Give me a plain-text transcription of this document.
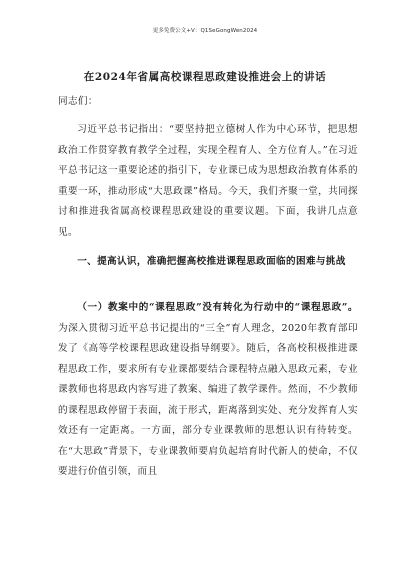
更多免费公文+V：Q1SeGongWen2024
在2024年省属高校课程思政建设推进会上的讲话
同志们：
习近平总书记指出：“要坚持把立德树人作为中心环节，把思想政治工作贯穿教育教学全过程，实现全程育人、全方位育人。”在习近平总书记这一重要论述的指引下，专业课已成为思想政治教育体系的重要一环，推动形成“大思政课”格局。今天，我们齐聚一堂，共同探讨和推进我省属高校课程思政建设的重要议题。下面，我讲几点意见。
一、提高认识，准确把握高校推进课程思政面临的困难与挑战
（一）教案中的“课程思政”没有转化为行动中的“课程思政”。为深入贯彻习近平总书记提出的“三全”育人理念，2020年教育部印发了《高等学校课程思政建设指导纲要》。随后，各高校积极推进课程思政工作，要求所有专业课都要结合课程特点融入思政元素，专业课教师也将思政内容写进了教案、编进了教学课件。然而，不少教师的课程思政停留于表面，流于形式，距离落到实处、充分发挥育人实效还有一定距离。一方面，部分专业课教师的思想认识有待转变。在“大思政”背景下，专业课教师要肩负起培育时代新人的使命，不仅要进行价值引领，而且
